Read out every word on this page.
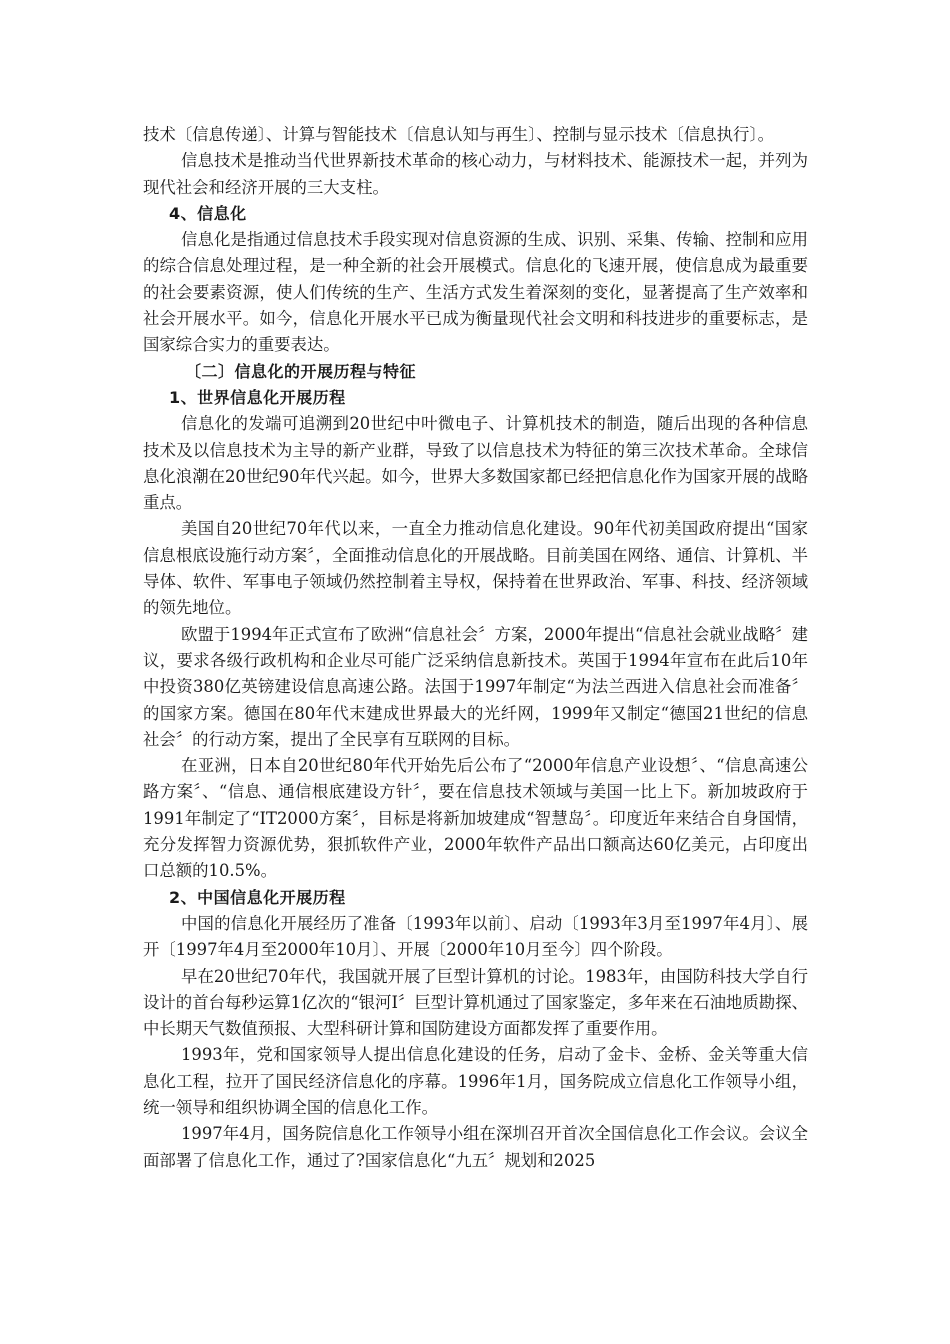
技术〔信息传递〕、计算与智能技术〔信息认知与再生〕、控制与显示技术〔信息执行〕。

信息技术是推动当代世界新技术革命的核心动力，与材料技术、能源技术一起，并列为现代社会和经济开展的三大支柱。

4、信息化

信息化是指通过信息技术手段实现对信息资源的生成、识别、采集、传输、控制和应用的综合信息处理过程，是一种全新的社会开展模式。信息化的飞速开展，使信息成为最重要的社会要素资源，使人们传统的生产、生活方式发生着深刻的变化，显著提高了生产效率和社会开展水平。如今，信息化开展水平已成为衡量现代社会文明和科技进步的重要标志，是国家综合实力的重要表达。

〔二〕信息化的开展历程与特征

1、世界信息化开展历程

信息化的发端可追溯到20世纪中叶微电子、计算机技术的制造，随后出现的各种信息技术及以信息技术为主导的新产业群，导致了以信息技术为特征的第三次技术革命。全球信息化浪潮在20世纪90年代兴起。如今，世界大多数国家都已经把信息化作为国家开展的战略重点。

美国自20世纪70年代以来，一直全力推动信息化建设。90年代初美国政府提出“国家信息根底设施行动方案〞，全面推动信息化的开展战略。目前美国在网络、通信、计算机、半导体、软件、军事电子领域仍然控制着主导权，保持着在世界政治、军事、科技、经济领域的领先地位。

欧盟于1994年正式宣布了欧洲“信息社会〞方案，2000年提出“信息社会就业战略〞建议，要求各级行政机构和企业尽可能广泛采纳信息新技术。英国于1994年宣布在此后10年中投资380亿英镑建设信息高速公路。法国于1997年制定“为法兰西进入信息社会而准备〞的国家方案。德国在80年代末建成世界最大的光纤网，1999年又制定“德国21世纪的信息社会〞的行动方案，提出了全民享有互联网的目标。

在亚洲，日本自20世纪80年代开始先后公布了“2000年信息产业设想〞、“信息高速公路方案〞、“信息、通信根底建设方针〞，要在信息技术领域与美国一比上下。新加坡政府于1991年制定了“IT2000方案〞，目标是将新加坡建成“智慧岛〞。印度近年来结合自身国情，充分发挥智力资源优势，狠抓软件产业，2000年软件产品出口额高达60亿美元，占印度出口总额的10.5%。

2、中国信息化开展历程

中国的信息化开展经历了准备〔1993年以前〕、启动〔1993年3月至1997年4月〕、展开〔1997年4月至2000年10月〕、开展〔2000年10月至今〕四个阶段。

早在20世纪70年代，我国就开展了巨型计算机的讨论。1983年，由国防科技大学自行设计的首台每秒运算1亿次的“银河Ⅰ〞巨型计算机通过了国家鉴定，多年来在石油地质勘探、中长期天气数值预报、大型科研计算和国防建设方面都发挥了重要作用。

1993年，党和国家领导人提出信息化建设的任务，启动了金卡、金桥、金关等重大信息化工程，拉开了国民经济信息化的序幕。1996年1月，国务院成立信息化工作领导小组，统一领导和组织协调全国的信息化工作。

1997年4月，国务院信息化工作领导小组在深圳召开首次全国信息化工作会议。会议全面部署了信息化工作，通过了?国家信息化“九五〞规划和2025
